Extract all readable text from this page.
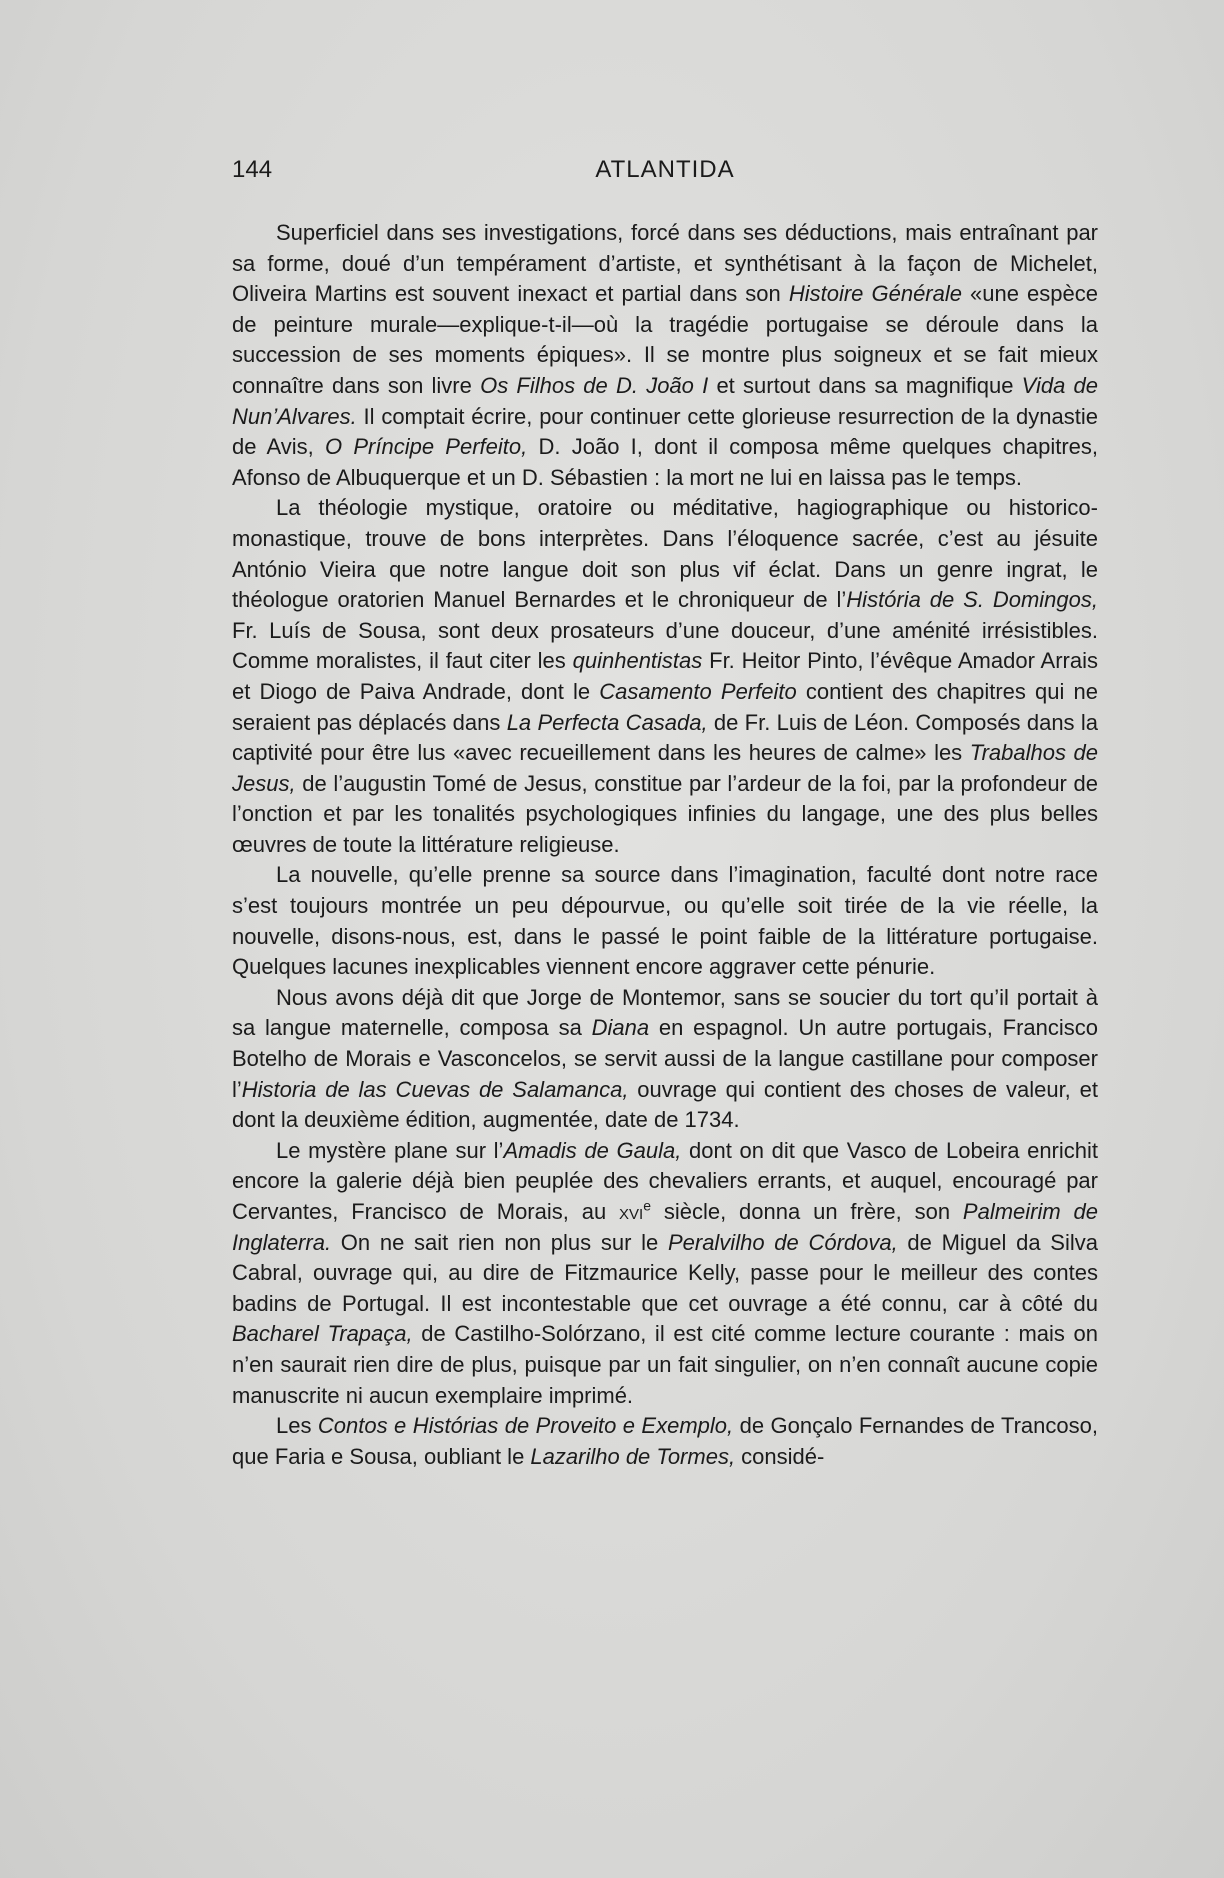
144	ATLANTIDA

Superficiel dans ses investigations, forcé dans ses déductions, mais entraînant par sa forme, doué d’un tempérament d’artiste, et synthétisant à la façon de Michelet, Oliveira Martins est souvent inexact et partial dans son Histoire Générale «une espèce de peinture murale—explique-t-il—où la tragédie portugaise se déroule dans la succession de ses moments épiques». Il se montre plus soigneux et se fait mieux connaître dans son livre Os Filhos de D. João I et surtout dans sa magnifique Vida de Nun’Alvares. Il comptait écrire, pour continuer cette glorieuse resurrection de la dynastie de Avis, O Príncipe Perfeito, D. João I, dont il composa même quelques chapitres, Afonso de Albuquerque et un D. Sébastien : la mort ne lui en laissa pas le temps.

La théologie mystique, oratoire ou méditative, hagiographique ou historico-monastique, trouve de bons interprètes. Dans l’éloquence sacrée, c’est au jésuite António Vieira que notre langue doit son plus vif éclat. Dans un genre ingrat, le théologue oratorien Manuel Bernardes et le chroniqueur de l’História de S. Domingos, Fr. Luís de Sousa, sont deux prosateurs d’une douceur, d’une aménité irrésistibles. Comme moralistes, il faut citer les quinhentistas Fr. Heitor Pinto, l’évêque Amador Arrais et Diogo de Paiva Andrade, dont le Casamento Perfeito contient des chapitres qui ne seraient pas déplacés dans La Perfecta Casada, de Fr. Luis de Léon. Composés dans la captivité pour être lus «avec recueillement dans les heures de calme» les Trabalhos de Jesus, de l’augustin Tomé de Jesus, constitue par l’ardeur de la foi, par la profondeur de l’onction et par les tonalités psychologiques infinies du langage, une des plus belles œuvres de toute la littérature religieuse.

La nouvelle, qu’elle prenne sa source dans l’imagination, faculté dont notre race s’est toujours montrée un peu dépourvue, ou qu’elle soit tirée de la vie réelle, la nouvelle, disons-nous, est, dans le passé le point faible de la littérature portugaise. Quelques lacunes inexplicables viennent encore aggraver cette pénurie.

Nous avons déjà dit que Jorge de Montemor, sans se soucier du tort qu’il portait à sa langue maternelle, composa sa Diana en espagnol. Un autre portugais, Francisco Botelho de Morais e Vasconcelos, se servit aussi de la langue castillane pour composer l’Historia de las Cuevas de Salamanca, ouvrage qui contient des choses de valeur, et dont la deuxième édition, augmentée, date de 1734.

Le mystère plane sur l’Amadis de Gaula, dont on dit que Vasco de Lobeira enrichit encore la galerie déjà bien peuplée des chevaliers errants, et auquel, encouragé par Cervantes, Francisco de Morais, au xvi$^e$ siècle, donna un frère, son Palmeirim de Inglaterra. On ne sait rien non plus sur le Peralvilho de Córdova, de Miguel da Silva Cabral, ouvrage qui, au dire de Fitzmaurice Kelly, passe pour le meilleur des contes badins de Portugal. Il est incontestable que cet ouvrage a été connu, car à côté du Bacharel Trapaça, de Castilho-Solórzano, il est cité comme lecture courante : mais on n’en saurait rien dire de plus, puisque par un fait singulier, on n’en connaît aucune copie manuscrite ni aucun exemplaire imprimé.

Les Contos e Histórias de Proveito e Exemplo, de Gonçalo Fernandes de Trancoso, que Faria e Sousa, oubliant le Lazarilho de Tormes, considé-
